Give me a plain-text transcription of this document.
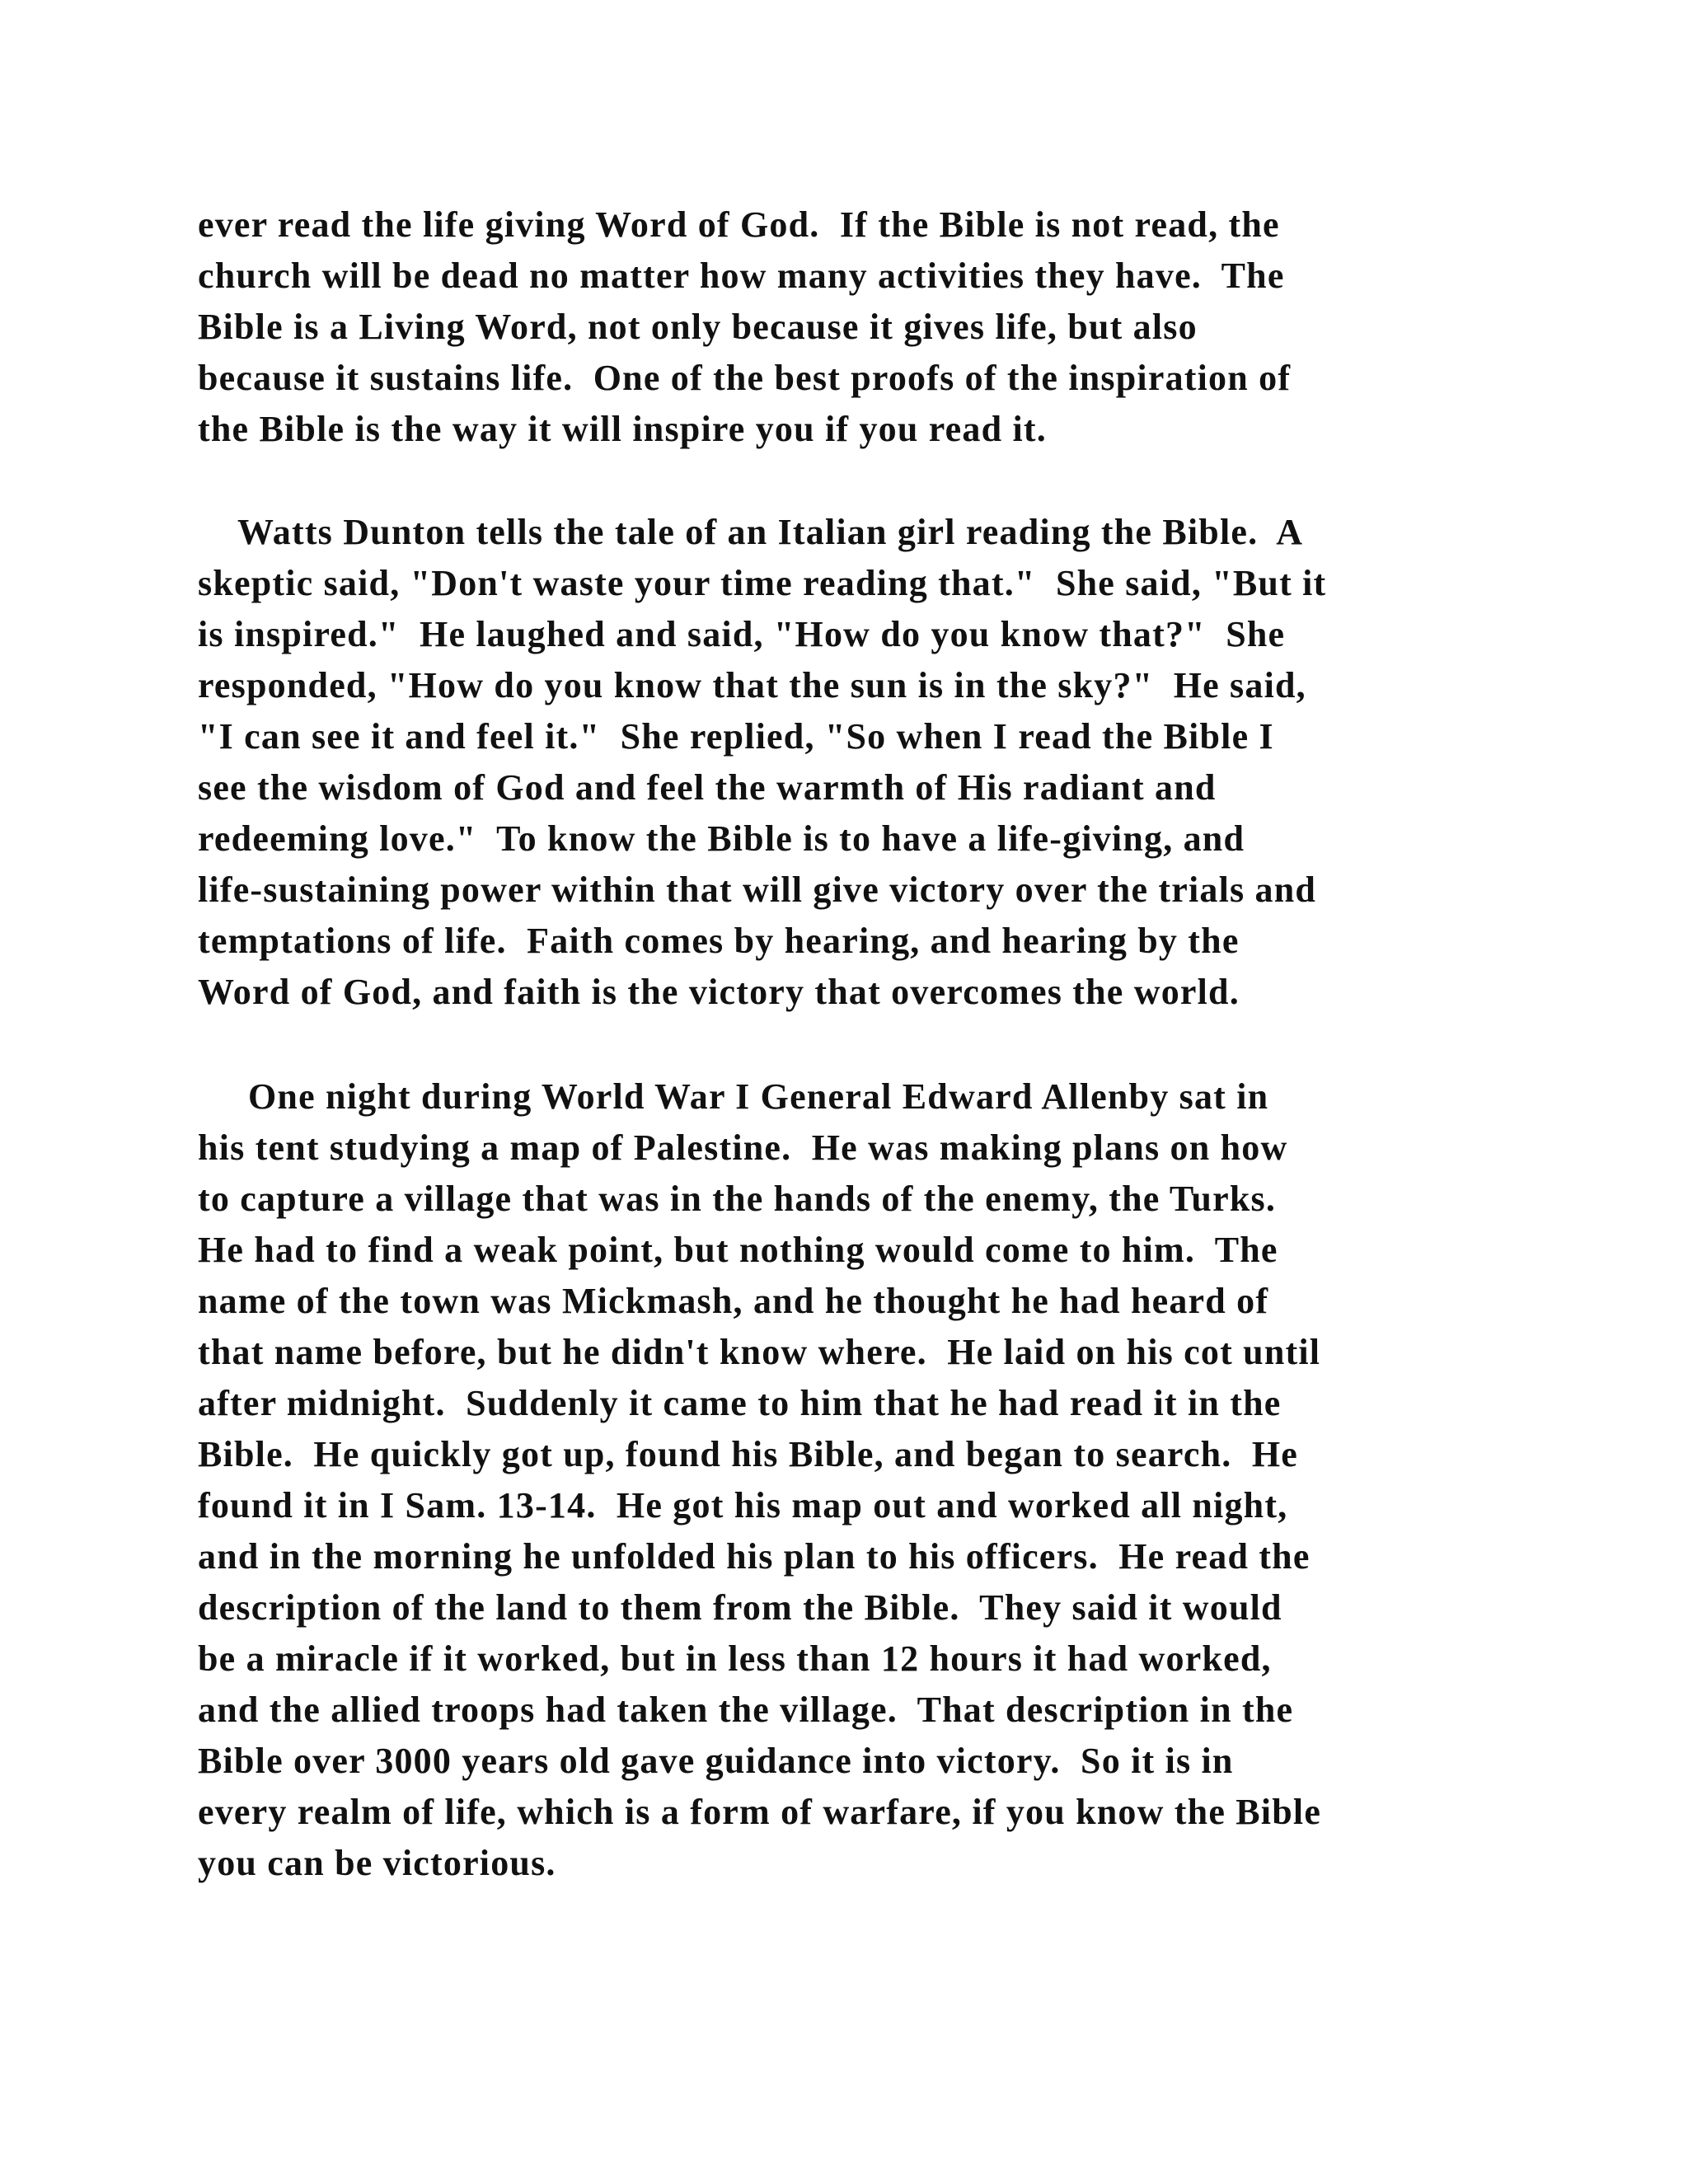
ever read the life giving Word of God.  If the Bible is not read, the
church will be dead no matter how many activities they have.  The
Bible is a Living Word, not only because it gives life, but also
because it sustains life.  One of the best proofs of the inspiration of
the Bible is the way it will inspire you if you read it.
Watts Dunton tells the tale of an Italian girl reading the Bible.  A
skeptic said, "Don't waste your time reading that."  She said, "But it
is inspired."  He laughed and said, "How do you know that?"  She
responded, "How do you know that the sun is in the sky?"  He said,
"I can see it and feel it."  She replied, "So when I read the Bible I
see the wisdom of God and feel the warmth of His radiant and
redeeming love."  To know the Bible is to have a life-giving, and
life-sustaining power within that will give victory over the trials and
temptations of life.  Faith comes by hearing, and hearing by the
Word of God, and faith is the victory that overcomes the world.
One night during World War I General Edward Allenby sat in
his tent studying a map of Palestine.  He was making plans on how
to capture a village that was in the hands of the enemy, the Turks.
He had to find a weak point, but nothing would come to him.  The
name of the town was Mickmash, and he thought he had heard of
that name before, but he didn't know where.  He laid on his cot until
after midnight.  Suddenly it came to him that he had read it in the
Bible.  He quickly got up, found his Bible, and began to search.  He
found it in I Sam. 13-14.  He got his map out and worked all night,
and in the morning he unfolded his plan to his officers.  He read the
description of the land to them from the Bible.  They said it would
be a miracle if it worked, but in less than 12 hours it had worked,
and the allied troops had taken the village.  That description in the
Bible over 3000 years old gave guidance into victory.  So it is in
every realm of life, which is a form of warfare, if you know the Bible
you can be victorious.
